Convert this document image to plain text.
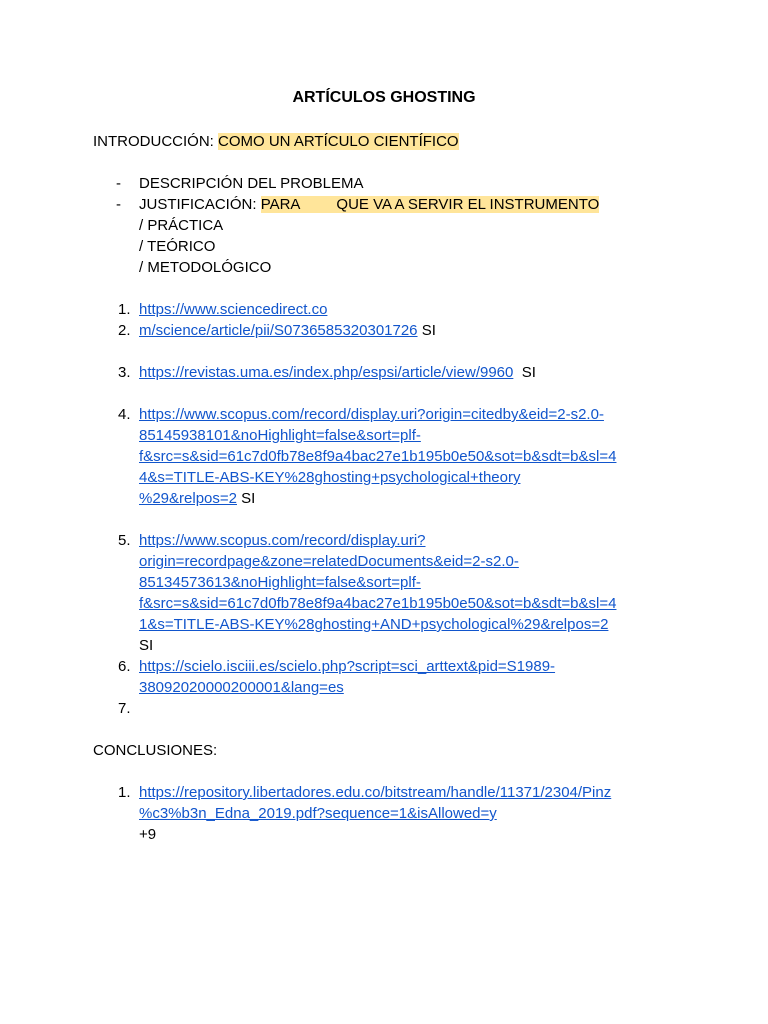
ARTÍCULOS GHOSTING
INTRODUCCIÓN: COMO UN ARTÍCULO CIENTÍFICO
- DESCRIPCIÓN DEL PROBLEMA
- JUSTIFICACIÓN: PARA QUE VA A SERVIR EL INSTRUMENTO
/ PRÁCTICA
/ TEÓRICO
/ METODOLÓGICO
1. https://www.sciencedirect.co
2. m/science/article/pii/S0736585320301726 SI
3. https://revistas.uma.es/index.php/espsi/article/view/9960  SI
4. https://www.scopus.com/record/display.uri?origin=citedby&eid=2-s2.0-
85145938101&noHighlight=false&sort=plf-
f&src=s&sid=61c7d0fb78e8f9a4bac27e1b195b0e50&sot=b&sdt=b&sl=4
4&s=TITLE-ABS-KEY%28ghosting+psychological+theory
%29&relpos=2 SI
5. https://www.scopus.com/record/display.uri?
origin=recordpage&zone=relatedDocuments&eid=2-s2.0-
85134573613&noHighlight=false&sort=plf-
f&src=s&sid=61c7d0fb78e8f9a4bac27e1b195b0e50&sot=b&sdt=b&sl=4
1&s=TITLE-ABS-KEY%28ghosting+AND+psychological%29&relpos=2
SI
6. https://scielo.isciii.es/scielo.php?script=sci_arttext&pid=S1989-
38092020000200001&lang=es
7.
CONCLUSIONES:
1. https://repository.libertadores.edu.co/bitstream/handle/11371/2304/Pinz
%c3%b3n_Edna_2019.pdf?sequence=1&isAllowed=y
+9
